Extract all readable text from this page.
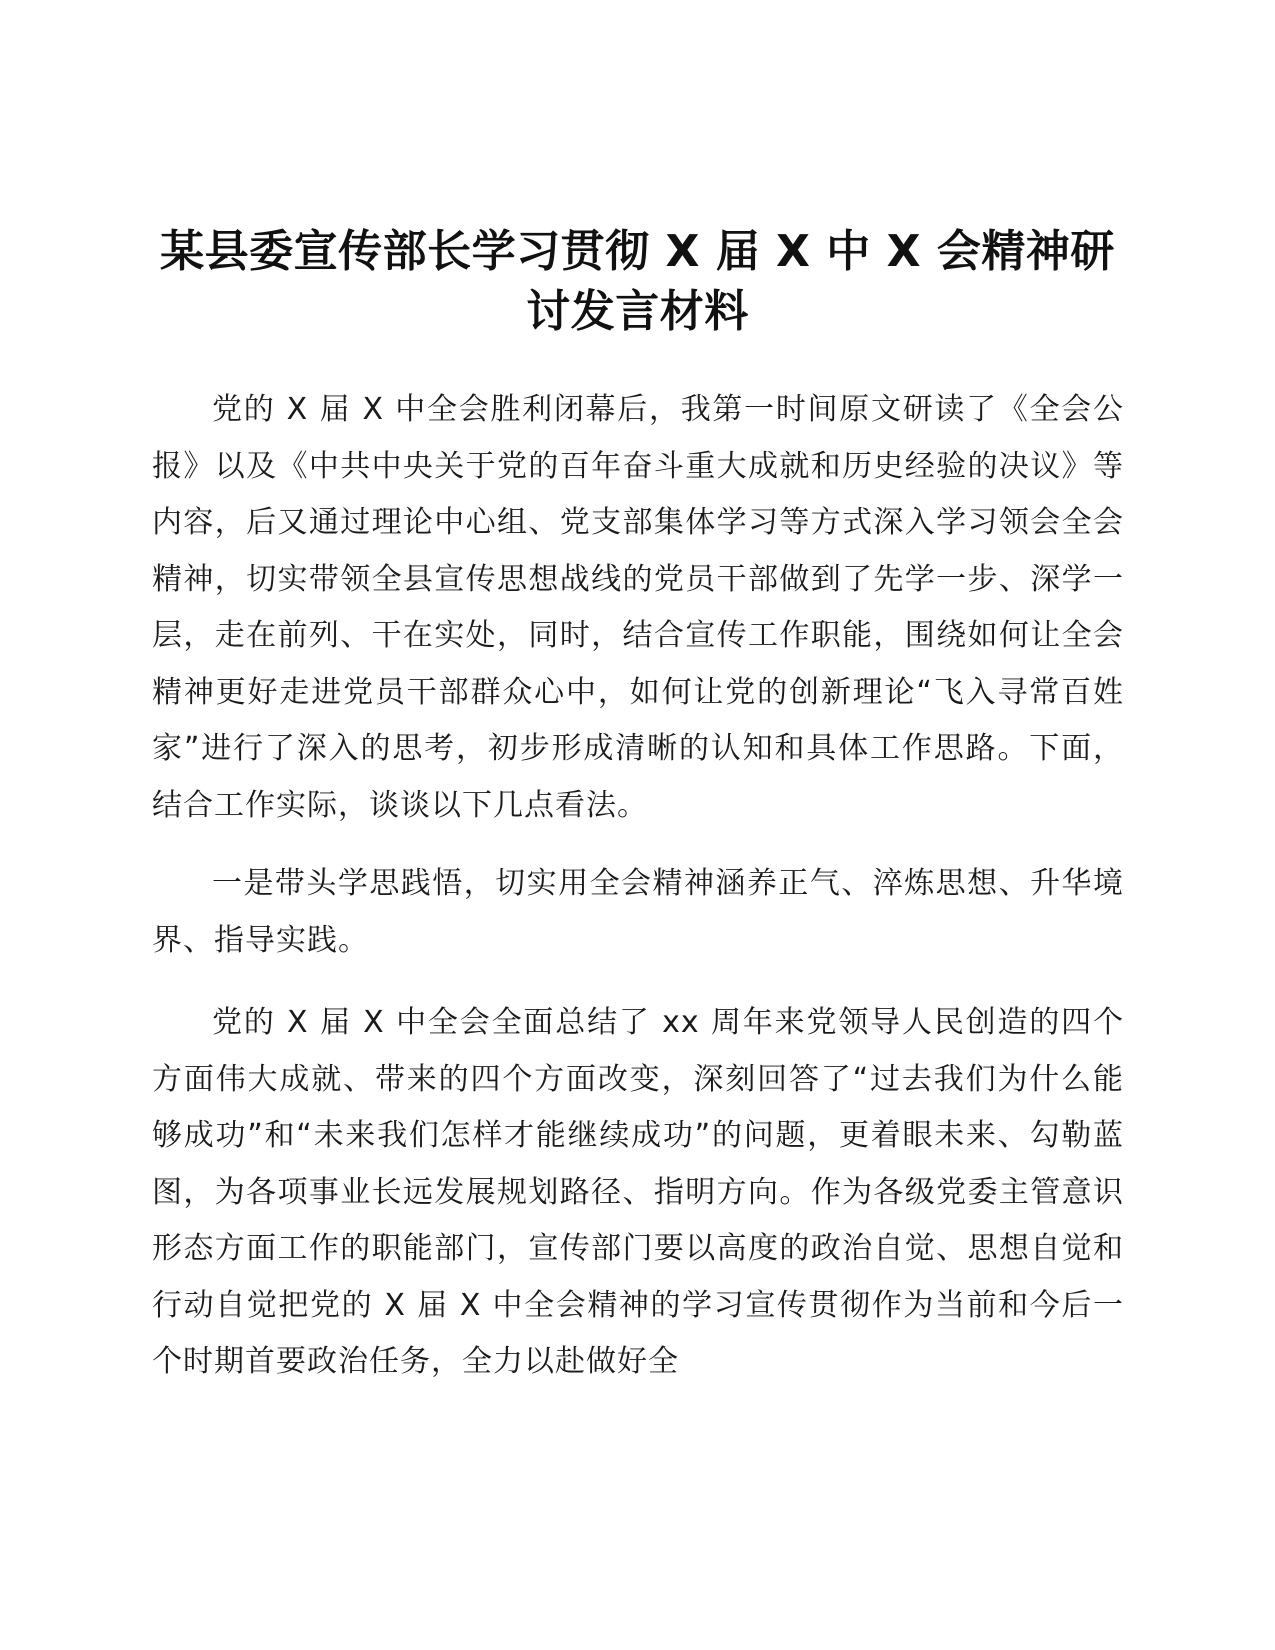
某县委宣传部长学习贯彻 X 届 X 中 X 会精神研讨发言材料

党的 X 届 X 中全会胜利闭幕后，我第一时间原文研读了《全会公报》以及《中共中央关于党的百年奋斗重大成就和历史经验的决议》等内容，后又通过理论中心组、党支部集体学习等方式深入学习领会全会精神，切实带领全县宣传思想战线的党员干部做到了先学一步、深学一层，走在前列、干在实处，同时，结合宣传工作职能，围绕如何让全会精神更好走进党员干部群众心中，如何让党的创新理论“飞入寻常百姓家”进行了深入的思考，初步形成清晰的认知和具体工作思路。下面，结合工作实际，谈谈以下几点看法。

一是带头学思践悟，切实用全会精神涵养正气、淬炼思想、升华境界、指导实践。

党的 X 届 X 中全会全面总结了 xx 周年来党领导人民创造的四个方面伟大成就、带来的四个方面改变，深刻回答了“过去我们为什么能够成功”和“未来我们怎样才能继续成功”的问题，更着眼未来、勾勒蓝图，为各项事业长远发展规划路径、指明方向。作为各级党委主管意识形态方面工作的职能部门，宣传部门要以高度的政治自觉、思想自觉和行动自觉把党的 X 届 X 中全会精神的学习宣传贯彻作为当前和今后一个时期首要政治任务，全力以赴做好全
